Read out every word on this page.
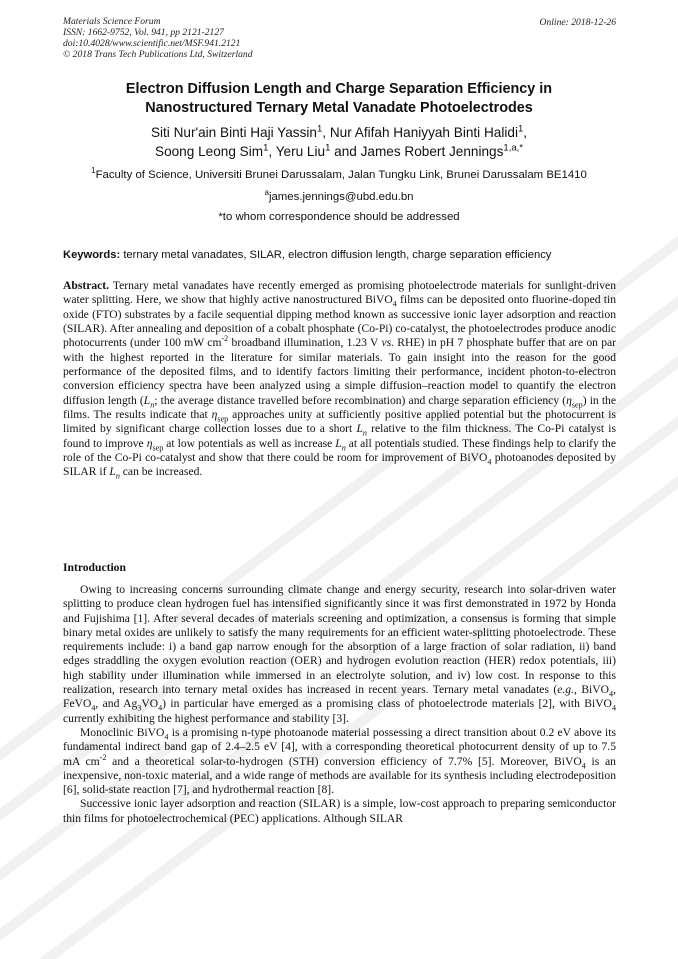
Materials Science Forum
ISSN: 1662-9752, Vol. 941, pp 2121-2127
doi:10.4028/www.scientific.net/MSF.941.2121
© 2018 Trans Tech Publications Ltd, Switzerland
Online: 2018-12-26
Electron Diffusion Length and Charge Separation Efficiency in
Nanostructured Ternary Metal Vanadate Photoelectrodes
Siti Nur'ain Binti Haji Yassin$^1$, Nur Afifah Haniyyah Binti Halidi$^1$,
Soong Leong Sim$^1$, Yeru Liu$^1$ and James Robert Jennings$^{1,a,*}$
$^1$Faculty of Science, Universiti Brunei Darussalam, Jalan Tungku Link, Brunei Darussalam BE1410
$^a$james.jennings@ubd.edu.bn
*to whom correspondence should be addressed
Keywords: ternary metal vanadates, SILAR, electron diffusion length, charge separation efficiency
Abstract. Ternary metal vanadates have recently emerged as promising photoelectrode materials for sunlight-driven water splitting. Here, we show that highly active nanostructured BiVO$_4$ films can be deposited onto fluorine-doped tin oxide (FTO) substrates by a facile sequential dipping method known as successive ionic layer adsorption and reaction (SILAR). After annealing and deposition of a cobalt phosphate (Co-Pi) co-catalyst, the photoelectrodes produce anodic photocurrents (under 100 mW $cm^{-2}$ broadband illumination, 1.23 V vs. RHE) in pH 7 phosphate buffer that are on par with the highest reported in the literature for similar materials. To gain insight into the reason for the good performance of the deposited films, and to identify factors limiting their performance, incident photon-to-electron conversion efficiency spectra have been analyzed using a simple diffusion–reaction model to quantify the electron diffusion length ($L_n$; the average distance travelled before recombination) and charge separation efficiency $(\eta_{sep})$ in the films. The results indicate that $\eta_{sep}$ approaches unity at sufficiently positive applied potential but the photocurrent is limited by significant charge collection losses due to a short $L_n$ relative to the film thickness. The Co-Pi catalyst is found to improve $\eta_{sep}$ at low potentials as well as increase $L_n$ at all potentials studied. These findings help to clarify the role of the Co-Pi co-catalyst and show that there could be room for improvement of BiVO$_4$ photoanodes deposited by SILAR if $L_n$ can be increased.
Introduction

Owing to increasing concerns surrounding climate change and energy security, research into solar-driven water splitting to produce clean hydrogen fuel has intensified significantly since it was first demonstrated in 1972 by Honda and Fujishima [1]. After several decades of materials screening and optimization, a consensus is forming that simple binary metal oxides are unlikely to satisfy the many requirements for an efficient water-splitting photoelectrode. These requirements include: i) a band gap narrow enough for the absorption of a large fraction of solar radiation, ii) band edges straddling the oxygen evolution reaction (OER) and hydrogen evolution reaction (HER) redox potentials, iii) high stability under illumination while immersed in an electrolyte solution, and iv) low cost. In response to this realization, research into ternary metal oxides has increased in recent years. Ternary metal vanadates (e.g., BiVO$_4$, FeVO$_4$, and $Ag_3VO_4$) in particular have emerged as a promising class of photoelectrode materials [2], with BiVO$_4$ currently exhibiting the highest performance and stability [3].

Monoclinic BiVO$_4$ is a promising n-type photoanode material possessing a direct transition about 0.2 eV above its fundamental indirect band gap of 2.4–2.5 eV [4], with a corresponding theoretical photocurrent density of up to 7.5 mA $cm^{-2}$ and a theoretical solar-to-hydrogen (STH) conversion efficiency of 7.7% [5]. Moreover, BiVO$_4$ is an inexpensive, non-toxic material, and a wide range of methods are available for its synthesis including electrodeposition [6], solid-state reaction [7], and hydrothermal reaction [8].

Successive ionic layer adsorption and reaction (SILAR) is a simple, low-cost approach to preparing semiconductor thin films for photoelectrochemical (PEC) applications. Although SILAR
